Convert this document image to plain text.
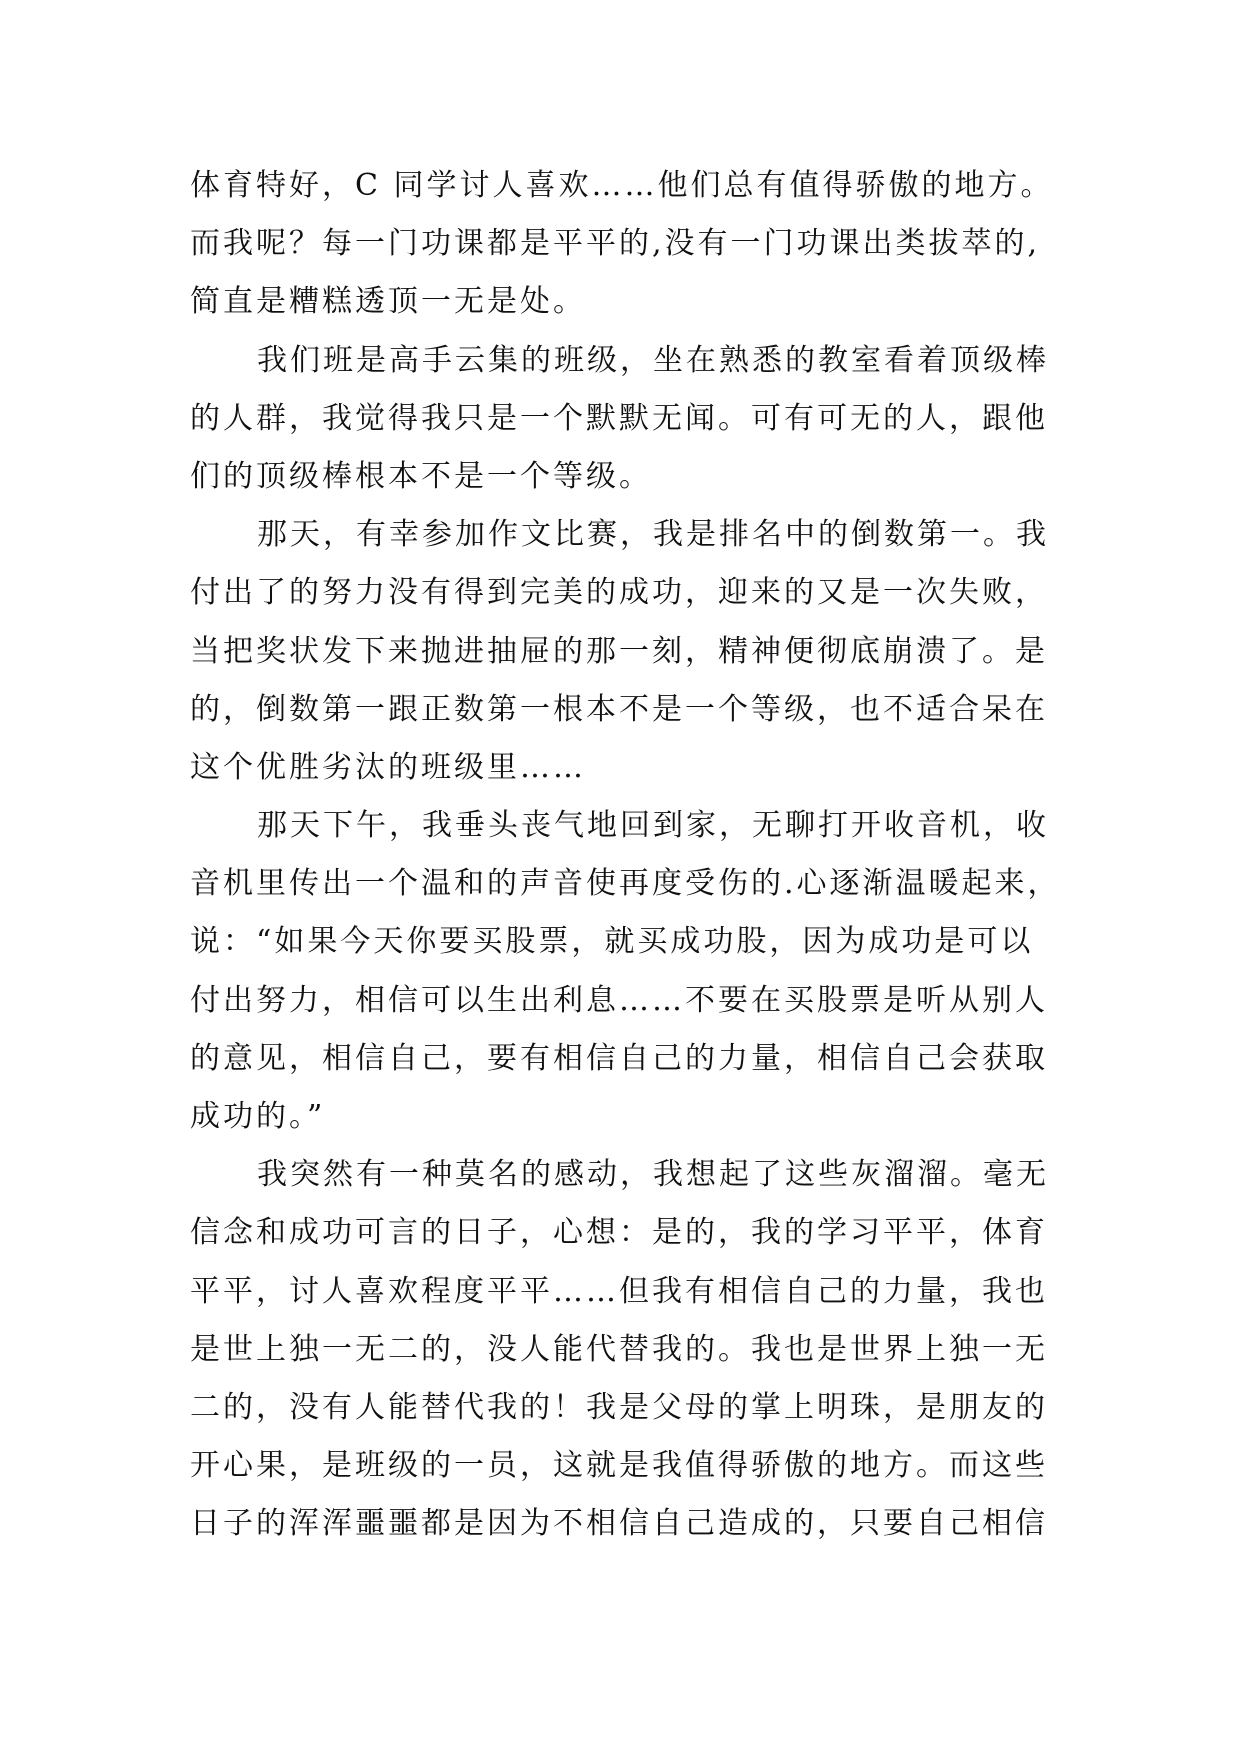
体育特好，C 同学讨人喜欢……他们总有值得骄傲的地方。
而我呢？每一门功课都是平平的,没有一门功课出类拔萃的,
简直是糟糕透顶一无是处。
我们班是高手云集的班级，坐在熟悉的教室看着顶级棒
的人群，我觉得我只是一个默默无闻。可有可无的人，跟他
们的顶级棒根本不是一个等级。
那天，有幸参加作文比赛，我是排名中的倒数第一。我
付出了的努力没有得到完美的成功，迎来的又是一次失败，
当把奖状发下来抛进抽屉的那一刻，精神便彻底崩溃了。是
的，倒数第一跟正数第一根本不是一个等级，也不适合呆在
这个优胜劣汰的班级里……
那天下午，我垂头丧气地回到家，无聊打开收音机，收
音机里传出一个温和的声音使再度受伤的.心逐渐温暖起来，
说：“如果今天你要买股票，就买成功股，因为成功是可以
付出努力，相信可以生出利息……不要在买股票是听从别人
的意见，相信自己，要有相信自己的力量，相信自己会获取
成功的。”
我突然有一种莫名的感动，我想起了这些灰溜溜。毫无
信念和成功可言的日子，心想：是的，我的学习平平，体育
平平，讨人喜欢程度平平……但我有相信自己的力量，我也
是世上独一无二的，没人能代替我的。我也是世界上独一无
二的，没有人能替代我的！我是父母的掌上明珠，是朋友的
开心果，是班级的一员，这就是我值得骄傲的地方。而这些
日子的浑浑噩噩都是因为不相信自己造成的，只要自己相信
